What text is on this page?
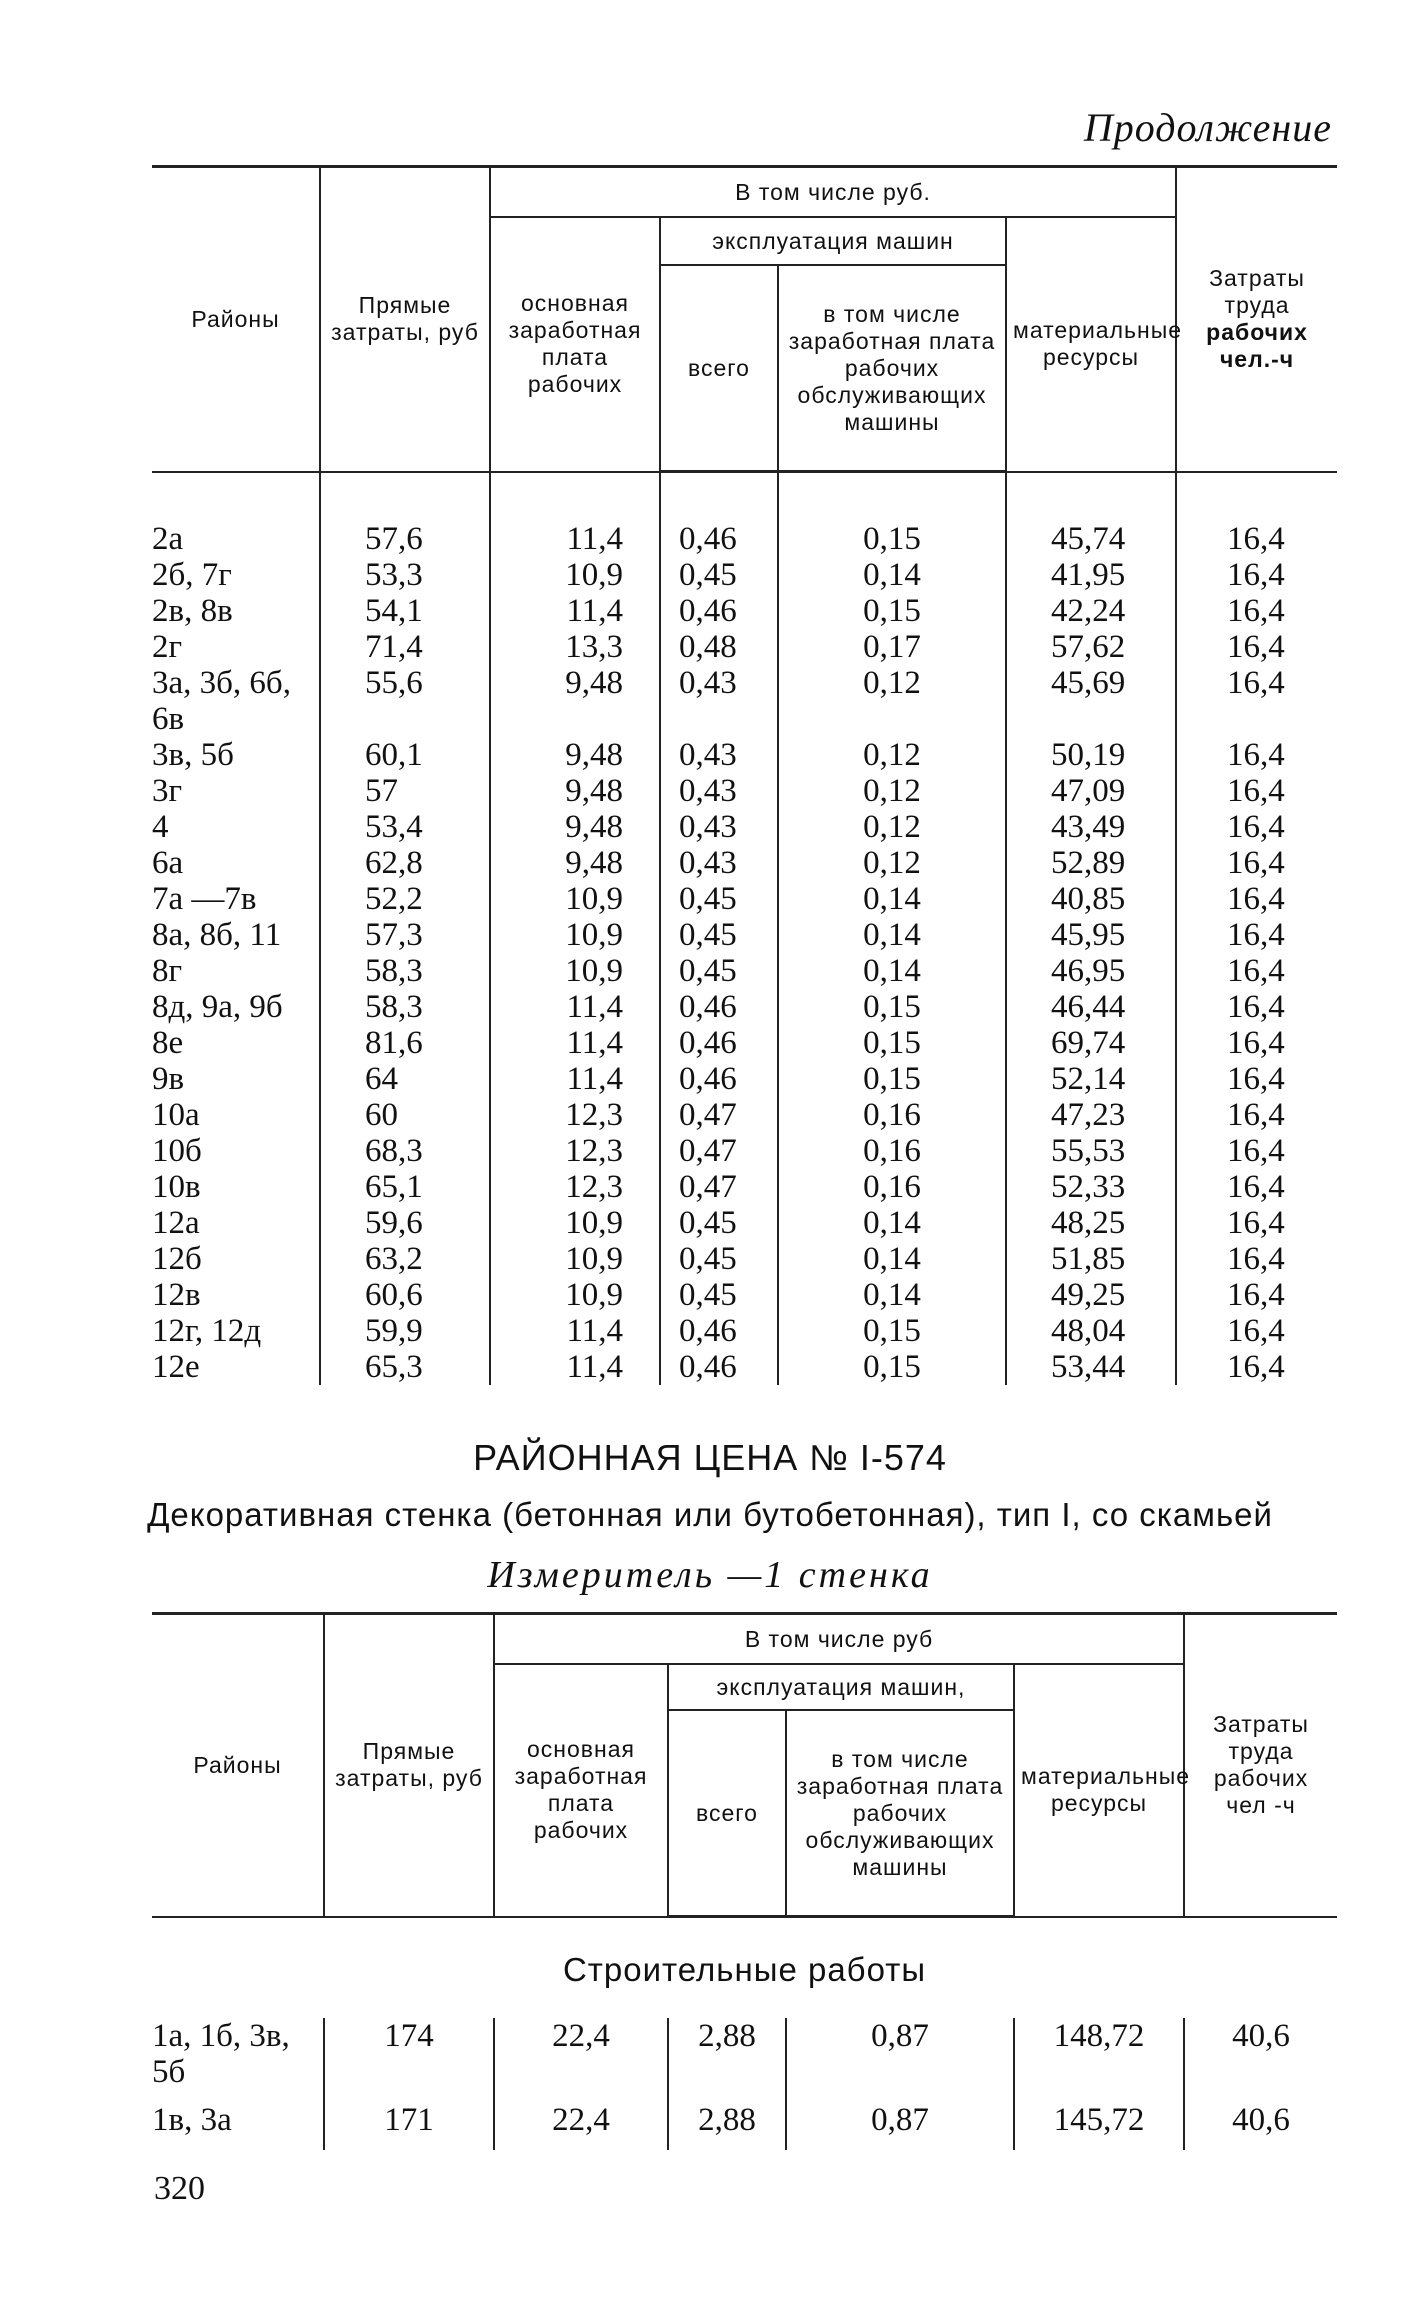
Продолжение
Районы	Прямые затраты, руб	В том числе руб.				Затраты труда
рабочих чел.-ч
		основная заработная плата рабочих	эксплуатация машин		материальные ресурсы	
			всего	в том числе заработная плата рабочих обслуживающих машины		
2а	57,6	11,4	0,46	0,15	45,74	16,4
2б, 7г	53,3	10,9	0,45	0,14	41,95	16,4
2в, 8в	54,1	11,4	0,46	0,15	42,24	16,4
2г	71,4	13,3	0,48	0,17	57,62	16,4
3а, 3б, 6б, 6в	55,6	9,48	0,43	0,12	45,69	16,4
3в, 5б	60,1	9,48	0,43	0,12	50,19	16,4
3г	57	9,48	0,43	0,12	47,09	16,4
4	53,4	9,48	0,43	0,12	43,49	16,4
6а	62,8	9,48	0,43	0,12	52,89	16,4
7а —7в	52,2	10,9	0,45	0,14	40,85	16,4
8а, 8б, 11	57,3	10,9	0,45	0,14	45,95	16,4
8г	58,3	10,9	0,45	0,14	46,95	16,4
8д, 9а, 9б	58,3	11,4	0,46	0,15	46,44	16,4
8е	81,6	11,4	0,46	0,15	69,74	16,4
9в	64	11,4	0,46	0,15	52,14	16,4
10а	60	12,3	0,47	0,16	47,23	16,4
10б	68,3	12,3	0,47	0,16	55,53	16,4
10в	65,1	12,3	0,47	0,16	52,33	16,4
12а	59,6	10,9	0,45	0,14	48,25	16,4
12б	63,2	10,9	0,45	0,14	51,85	16,4
12в	60,6	10,9	0,45	0,14	49,25	16,4
12г, 12д	59,9	11,4	0,46	0,15	48,04	16,4
12е	65,3	11,4	0,46	0,15	53,44	16,4
РАЙОННАЯ ЦЕНА № I-574
Декоративная стенка (бетонная или бутобетонная), тип I, со скамьей
Измеритель —1 стенка
Районы	Прямые затраты, руб	В том числе руб				Затраты труда рабочих чел -ч
		основная заработная плата рабочих	эксплуатация машин,		материальные ресурсы	
			всего	в том числе заработная плата рабочих обслуживающих машины		
Строительные работы						
1а, 1б, 3в, 5б	174	22,4	2,88	0,87	148,72	40,6
1в, 3а	171	22,4	2,88	0,87	145,72	40,6
320
